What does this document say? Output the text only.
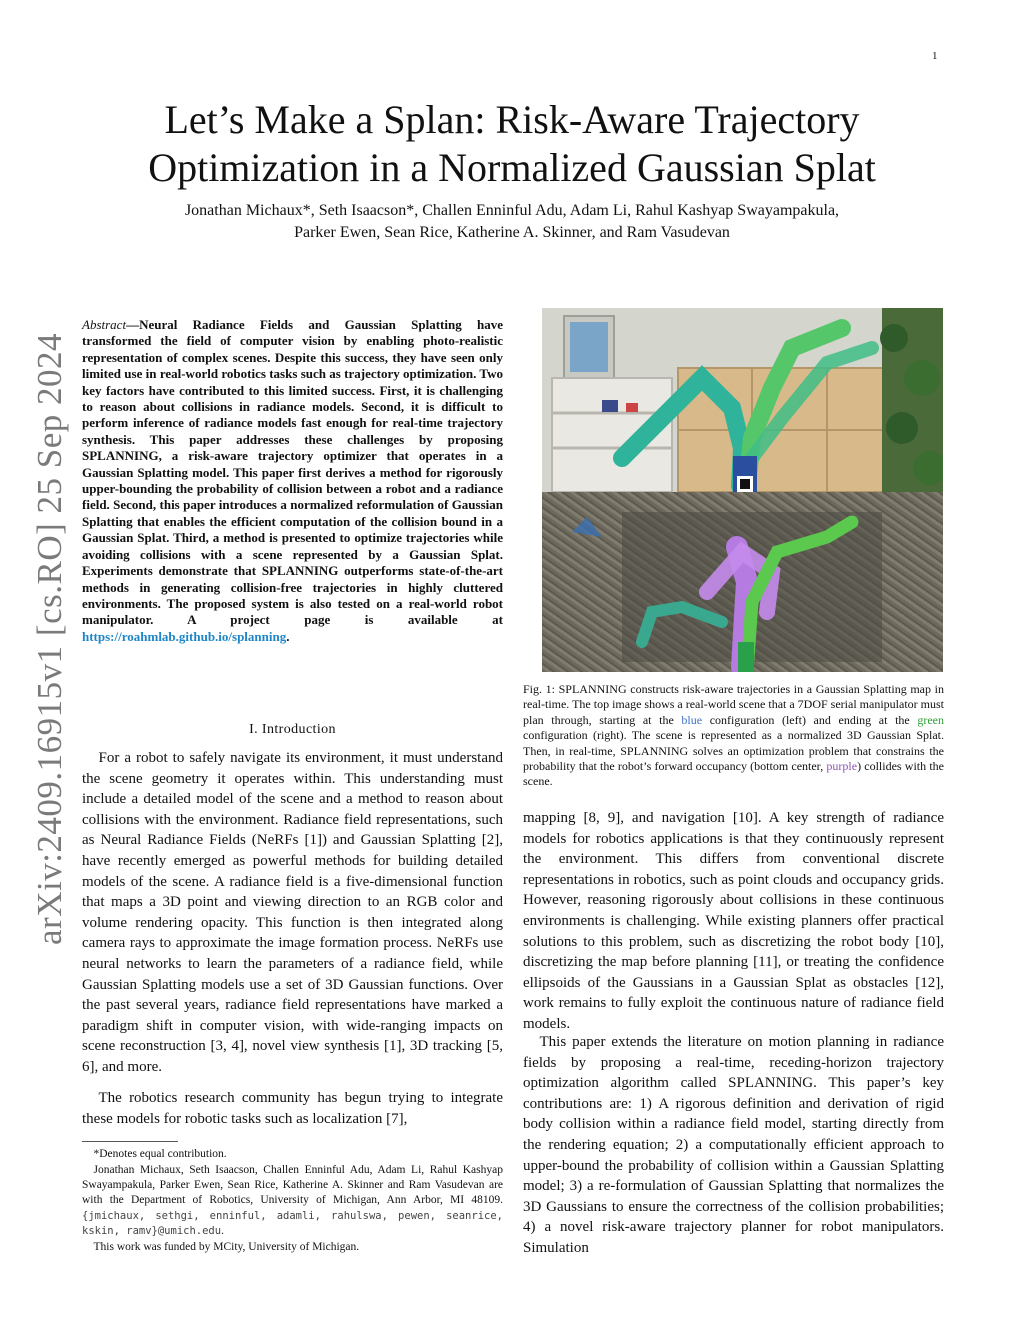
1
arXiv:2409.16915v1 [cs.RO] 25 Sep 2024
Let’s Make a Splan: Risk-Aware Trajectory
Optimization in a Normalized Gaussian Splat
Jonathan Michaux*, Seth Isaacson*, Challen Enninful Adu, Adam Li, Rahul Kashyap Swayampakula,
Parker Ewen, Sean Rice, Katherine A. Skinner, and Ram Vasudevan

Abstract—Neural Radiance Fields and Gaussian Splatting have transformed the field of computer vision by enabling photo-realistic representation of complex scenes. Despite this success, they have seen only limited use in real-world robotics tasks such as trajectory optimization. Two key factors have contributed to this limited success. First, it is challenging to reason about collisions in radiance models. Second, it is difficult to perform inference of radiance models fast enough for real-time trajectory synthesis. This paper addresses these challenges by proposing SPLANNING, a risk-aware trajectory optimizer that operates in a Gaussian Splatting model. This paper first derives a method for rigorously upper-bounding the probability of collision between a robot and a radiance field. Second, this paper introduces a normalized reformulation of Gaussian Splatting that enables the efficient computation of the collision bound in a Gaussian Splat. Third, a method is presented to optimize trajectories while avoiding collisions with a scene represented by a Gaussian Splat. Experiments demonstrate that SPLANNING outperforms state-of-the-art methods in generating collision-free trajectories in highly cluttered environments. The proposed system is also tested on a real-world robot manipulator. A project page is available at https://roahmlab.github.io/splanning.

I. Introduction

For a robot to safely navigate its environment, it must understand the scene geometry it operates within. This understanding must include a detailed model of the scene and a method to reason about collisions with the environment. Radiance field representations, such as Neural Radiance Fields (NeRFs [1]) and Gaussian Splatting [2], have recently emerged as powerful methods for building detailed models of the scene. A radiance field is a five-dimensional function that maps a 3D point and viewing direction to an RGB color and volume rendering opacity. This function is then integrated along camera rays to approximate the image formation process. NeRFs use neural networks to learn the parameters of a radiance field, while Gaussian Splatting models use a set of 3D Gaussian functions. Over the past several years, radiance field representations have marked a paradigm shift in computer vision, with wide-ranging impacts on scene reconstruction [3, 4], novel view synthesis [1], 3D tracking [5, 6], and more.

The robotics research community has begun trying to integrate these models for robotic tasks such as localization [7],

*Denotes equal contribution.

Jonathan Michaux, Seth Isaacson, Challen Enninful Adu, Adam Li, Rahul Kashyap Swayampakula, Parker Ewen, Sean Rice, Katherine A. Skinner and Ram Vasudevan are with the Department of Robotics, University of Michigan, Ann Arbor, MI 48109. {jmichaux, sethgi, enninful, adamli, rahulswa, pewen, seanrice, kskin, ramv}@umich.edu.

This work was funded by MCity, University of Michigan.

Fig. 1: SPLANNING constructs risk-aware trajectories in a Gaussian Splatting map in real-time. The top image shows a real-world scene that a 7DOF serial manipulator must plan through, starting at the blue configuration (left) and ending at the green configuration (right). The scene is represented as a normalized 3D Gaussian Splat. Then, in real-time, SPLANNING solves an optimization problem that constrains the probability that the robot’s forward occupancy (bottom center, purple) collides with the scene.

mapping [8, 9], and navigation [10]. A key strength of radiance models for robotics applications is that they continuously represent the environment. This differs from conventional discrete representations in robotics, such as point clouds and occupancy grids. However, reasoning rigorously about collisions in these continuous environments is challenging. While existing planners offer practical solutions to this problem, such as discretizing the robot body [10], discretizing the map before planning [11], or treating the confidence ellipsoids of the Gaussians in a Gaussian Splat as obstacles [12], work remains to fully exploit the continuous nature of radiance field models.

This paper extends the literature on motion planning in radiance fields by proposing a real-time, receding-horizon trajectory optimization algorithm called SPLANNING. This paper’s key contributions are: 1) A rigorous definition and derivation of rigid body collision within a radiance field model, starting directly from the rendering equation; 2) a computationally efficient approach to upper-bound the probability of collision within a Gaussian Splatting model; 3) a re-formulation of Gaussian Splatting that normalizes the 3D Gaussians to ensure the correctness of the collision probabilities; 4) a novel risk-aware trajectory planner for robot manipulators. Simulation
